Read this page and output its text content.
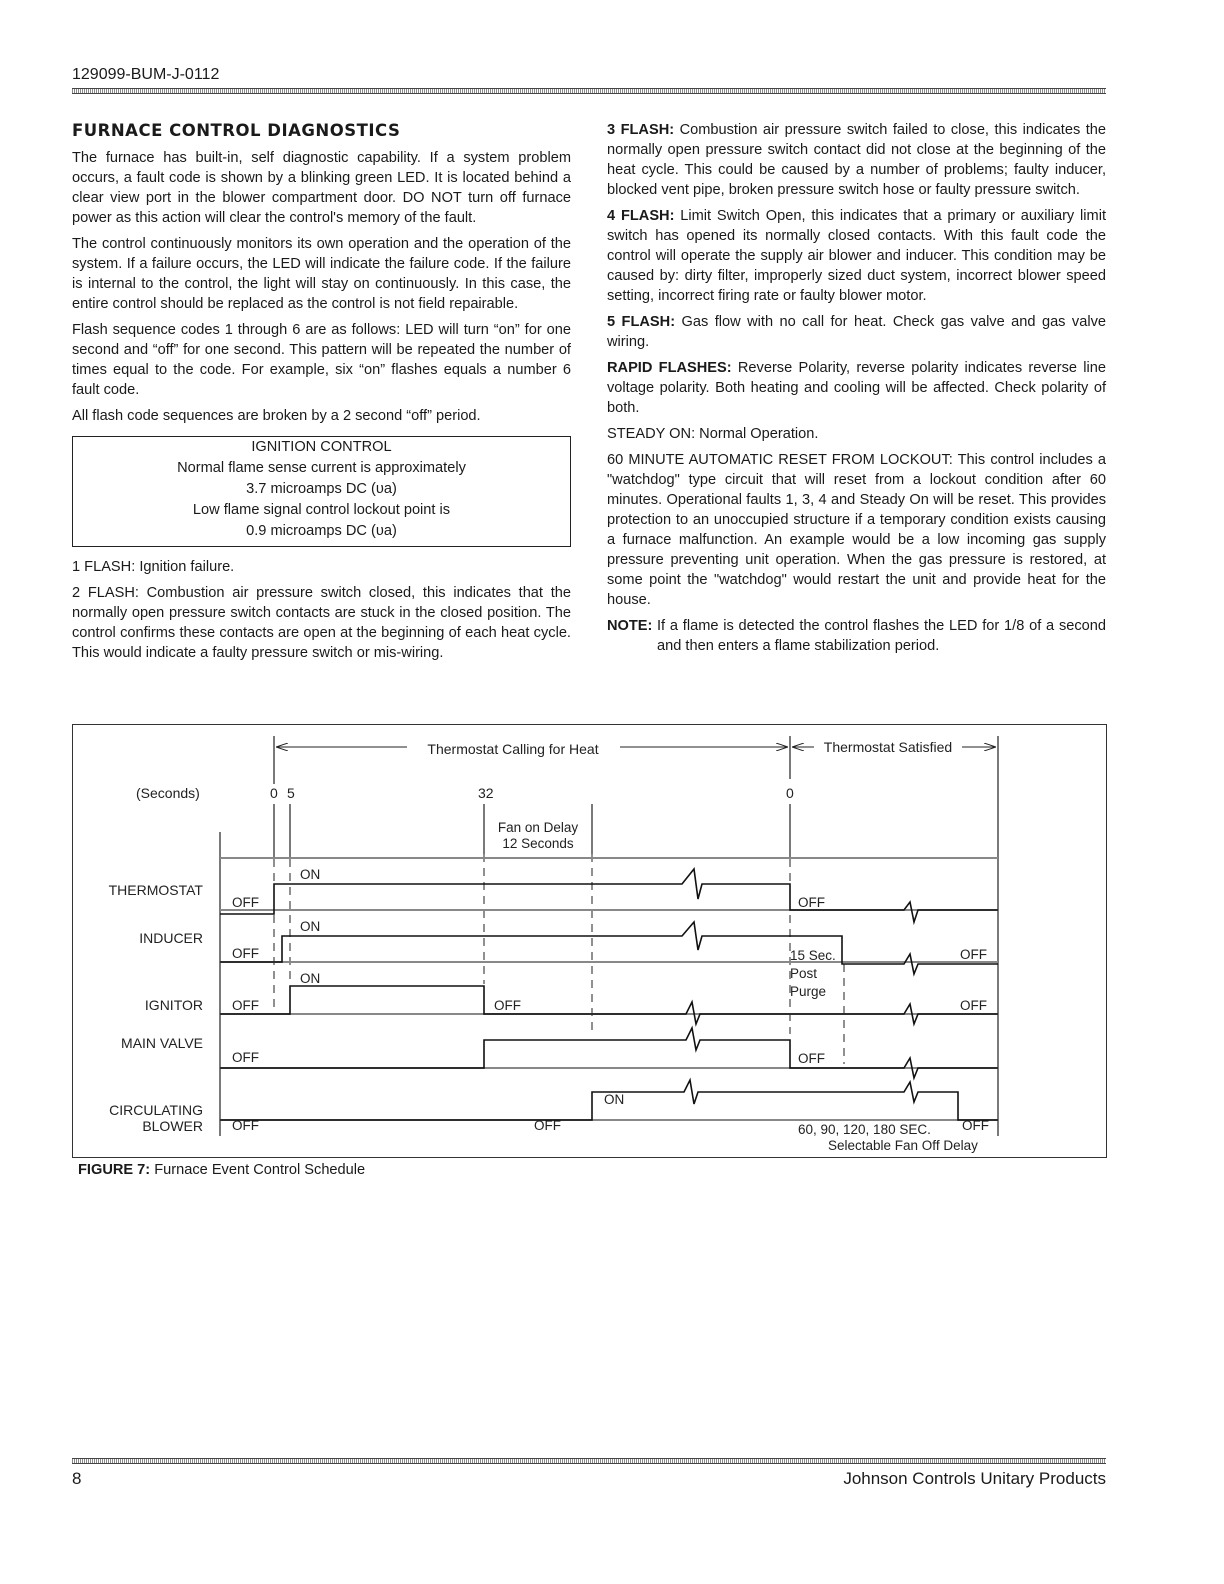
129099-BUM-J-0112
FURNACE CONTROL DIAGNOSTICS

The furnace has built-in, self diagnostic capability. If a system problem occurs, a fault code is shown by a blinking green LED. It is located behind a clear view port in the blower compartment door. DO NOT turn off furnace power as this action will clear the control's memory of the fault.

The control continuously monitors its own operation and the operation of the system. If a failure occurs, the LED will indicate the failure code. If the failure is internal to the control, the light will stay on continuously. In this case, the entire control should be replaced as the control is not field repairable.

Flash sequence codes 1 through 6 are as follows: LED will turn “on” for one second and “off” for one second. This pattern will be repeated the number of times equal to the code. For example, six “on” flashes equals a number 6 fault code.

All flash code sequences are broken by a 2 second “off” period.

IGNITION CONTROL
Normal flame sense current is approximately
3.7 microamps DC (υa)
Low flame signal control lockout point is
0.9 microamps DC (υa)

1 FLASH: Ignition failure.

2 FLASH: Combustion air pressure switch closed, this indicates that the normally open pressure switch contacts are stuck in the closed position. The control confirms these contacts are open at the beginning of each heat cycle. This would indicate a faulty pressure switch or mis-wiring.

3 FLASH: Combustion air pressure switch failed to close, this indicates the normally open pressure switch contact did not close at the beginning of the heat cycle. This could be caused by a number of problems; faulty inducer, blocked vent pipe, broken pressure switch hose or faulty pressure switch.

4 FLASH: Limit Switch Open, this indicates that a primary or auxiliary limit switch has opened its normally closed contacts. With this fault code the control will operate the supply air blower and inducer. This condition may be caused by: dirty filter, improperly sized duct system, incorrect blower speed setting, incorrect firing rate or faulty blower motor.

5 FLASH: Gas flow with no call for heat. Check gas valve and gas valve wiring.

RAPID FLASHES: Reverse Polarity, reverse polarity indicates reverse line voltage polarity. Both heating and cooling will be affected. Check polarity of both.

STEADY ON: Normal Operation.

60 MINUTE AUTOMATIC RESET FROM LOCKOUT: This control includes a "watchdog" type circuit that will reset from a lockout condition after 60 minutes. Operational faults 1, 3, 4 and Steady On will be reset. This provides protection to an unoccupied structure if a temporary condition exists causing a furnace malfunction. An example would be a low incoming gas supply pressure preventing unit operation. When the gas pressure is restored, at some point the "watchdog" would restart the unit and provide heat for the house.

NOTE: If a flame is detected the control flashes the LED for 1/8 of a second and then enters a flame stabilization period.
Thermostat Calling for Heat	Thermostat Satisfied
(Seconds)	0 5	32	0
Fan on Delay
12 Seconds
THERMOSTAT
INDUCER
IGNITOR
MAIN VALVE
CIRCULATING
BLOWER
OFF
ON
OFF
OFF
ON
15 Sec.
Post
Purge
OFF
OFF
ON
OFF	OFF
OFF	OFF
OFF	OFF
ON
OFF
60, 90, 120, 180 SEC.
Selectable Fan Off Delay
FIGURE 7: Furnace Event Control Schedule
8	Johnson Controls Unitary Products
